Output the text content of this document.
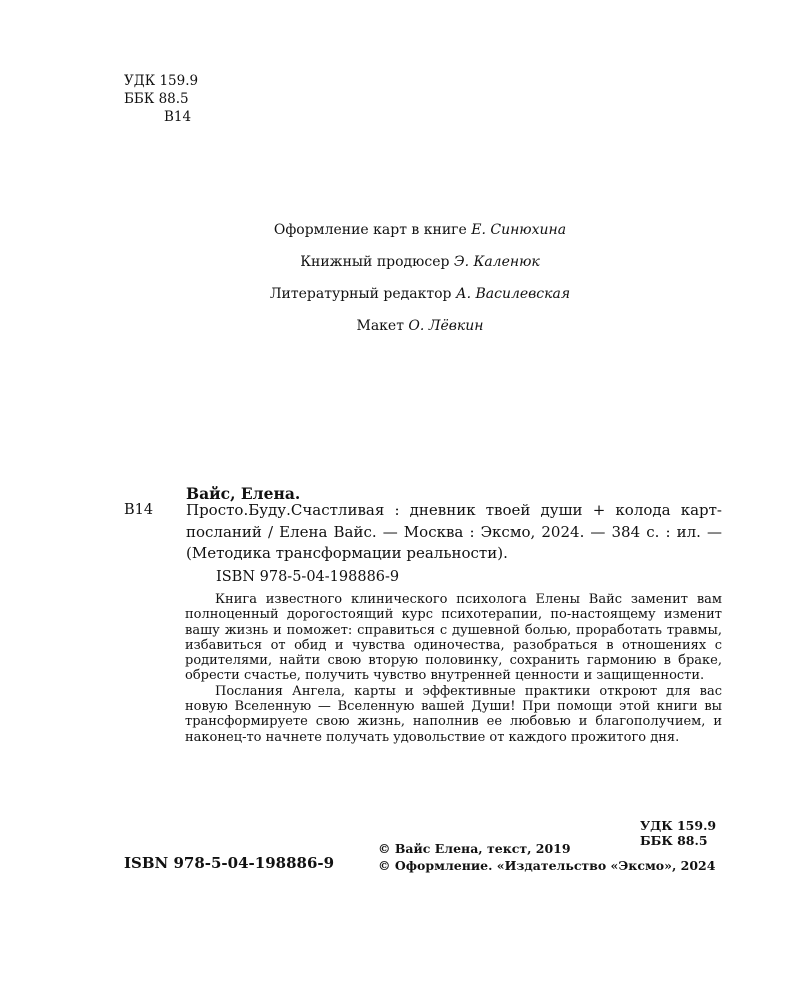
УДК 159.9
ББК 88.5
В14
Оформление карт в книге Е. Синюхина
Книжный продюсер Э. Каленюк
Литературный редактор А. Василевская
Макет О. Лёвкин
Вайс, Елена.
В14 Просто.Буду.Счастливая : дневник твоей души + колода карт-посланий / Елена Вайс. — Москва : Эксмо, 2024. — 384 с. : ил. — (Методика трансформации реальности).
ISBN 978-5-04-198886-9

Книга известного клинического психолога Елены Вайс заменит вам полноценный дорогостоящий курс психотерапии, по-настоящему изменит вашу жизнь и поможет: справиться с душевной болью, проработать травмы, избавиться от обид и чувства одиночества, разобраться в отношениях с родителями, найти свою вторую половинку, сохранить гармонию в браке, обрести счастье, получить чувство внутренней ценности и защищенности.

Послания Ангела, карты и эффективные практики откроют для вас новую Вселенную — Вселенную вашей Души! При помощи этой книги вы трансформируете свою жизнь, наполнив ее любовью и благополучием, и наконец-то начнете получать удовольствие от каждого прожитого дня.

УДК 159.9
ББК 88.5
ISBN 978-5-04-198886-9
© Вайс Елена, текст, 2019
© Оформление. «Издательство «Эксмо», 2024
